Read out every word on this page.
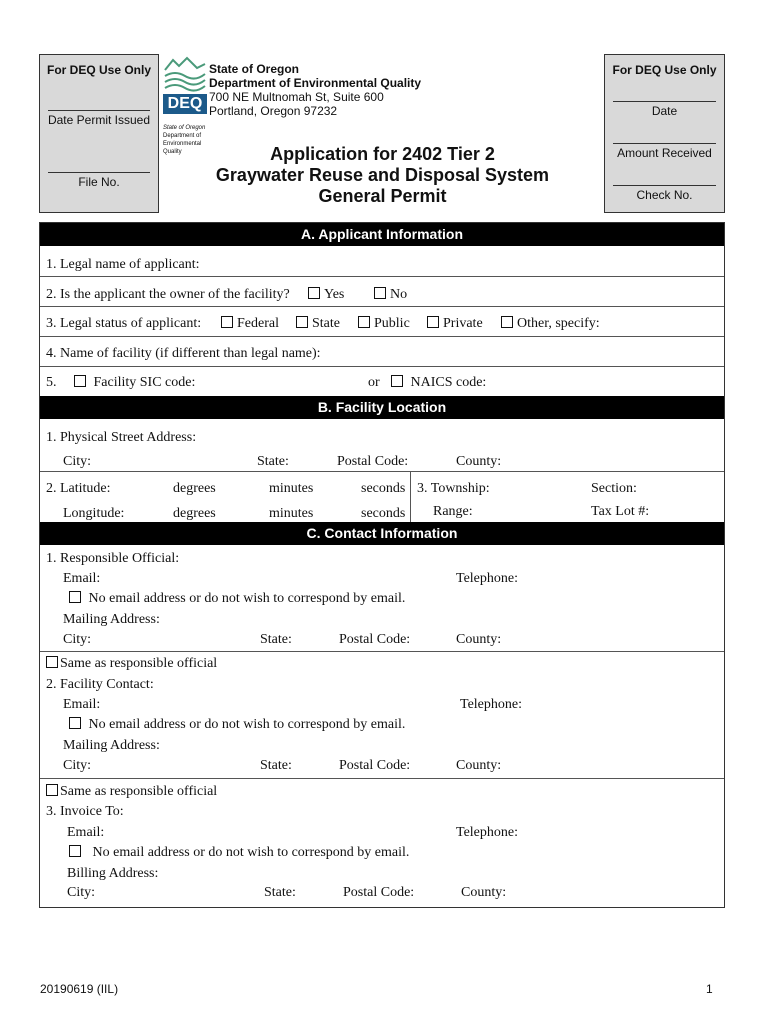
For DEQ Use Only
Date Permit Issued
File No.
DEQ
State of Oregon
Department of
Environmental
Quality
State of Oregon
Department of Environmental Quality
700 NE Multnomah St, Suite 600
Portland, Oregon 97232
Application for 2402 Tier 2
Graywater Reuse and Disposal System
General Permit
For DEQ Use Only
Date
Amount Received
Check No.
A. Applicant Information
1. Legal name of applicant:
2. Is the applicant the owner of the facility?	Yes	No
3. Legal status of applicant:	Federal	State	Public	Private	Other, specify:
4. Name of facility (if different than legal name):
5.	Facility SIC code:	or	NAICS code:
B. Facility Location
1. Physical Street Address:
City:	State:	Postal Code:	County:
2. Latitude:	degrees	minutes	seconds 3. Township:	Section:
Longitude:	degrees	minutes	seconds Range:	Tax Lot #:
C. Contact Information
1. Responsible Official:
Email:	Telephone:
No email address or do not wish to correspond by email.
Mailing Address:
City:	State:	Postal Code:	County:
Same as responsible official
2. Facility Contact:
Email:	Telephone:
No email address or do not wish to correspond by email.
Mailing Address:
City:	State:	Postal Code:	County:
Same as responsible official
3. Invoice To:
Email:	Telephone:
No email address or do not wish to correspond by email.
Billing Address:
City:	State:	Postal Code:	County:
20190619 (IIL)	1
